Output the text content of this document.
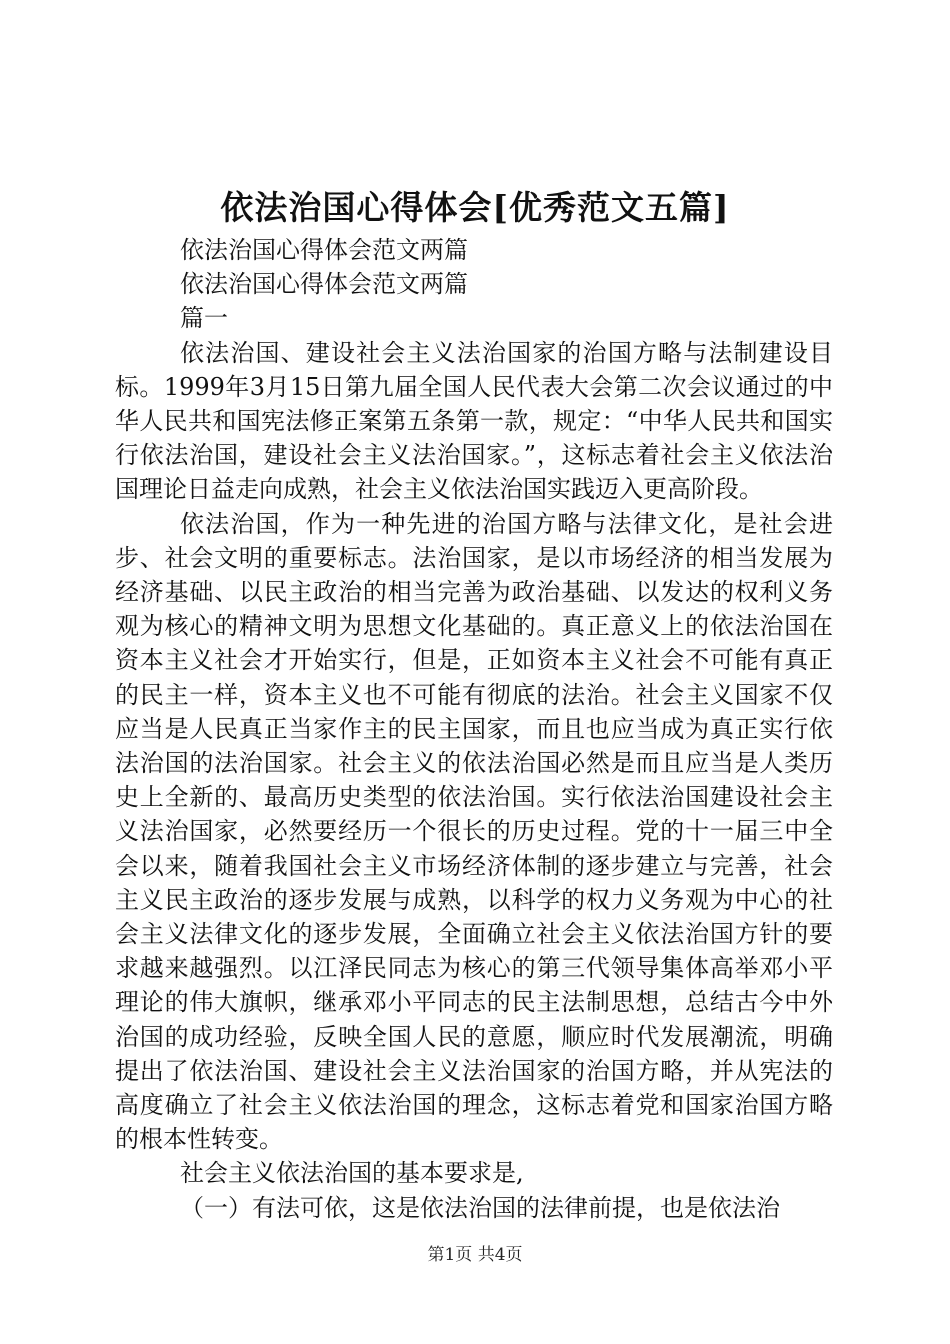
依法治国心得体会[优秀范文五篇]

依法治国心得体会范文两篇

依法治国心得体会范文两篇

篇一

依法治国、建设社会主义法治国家的治国方略与法制建设目标。1999年3月15日第九届全国人民代表大会第二次会议通过的中华人民共和国宪法修正案第五条第一款，规定：“中华人民共和国实行依法治国，建设社会主义法治国家。”，这标志着社会主义依法治国理论日益走向成熟，社会主义依法治国实践迈入更高阶段。

依法治国，作为一种先进的治国方略与法律文化，是社会进步、社会文明的重要标志。法治国家，是以市场经济的相当发展为经济基础、以民主政治的相当完善为政治基础、以发达的权利义务观为核心的精神文明为思想文化基础的。真正意义上的依法治国在资本主义社会才开始实行，但是，正如资本主义社会不可能有真正的民主一样，资本主义也不可能有彻底的法治。社会主义国家不仅应当是人民真正当家作主的民主国家，而且也应当成为真正实行依法治国的法治国家。社会主义的依法治国必然是而且应当是人类历史上全新的、最高历史类型的依法治国。实行依法治国建设社会主义法治国家，必然要经历一个很长的历史过程。党的十一届三中全会以来，随着我国社会主义市场经济体制的逐步建立与完善，社会主义民主政治的逐步发展与成熟，以科学的权力义务观为中心的社会主义法律文化的逐步发展，全面确立社会主义依法治国方针的要求越来越强烈。以江泽民同志为核心的第三代领导集体高举邓小平理论的伟大旗帜，继承邓小平同志的民主法制思想，总结古今中外治国的成功经验，反映全国人民的意愿，顺应时代发展潮流，明确提出了依法治国、建设社会主义法治国家的治国方略，并从宪法的高度确立了社会主义依法治国的理念，这标志着党和国家治国方略的根本性转变。

社会主义依法治国的基本要求是,

（一）有法可依，这是依法治国的法律前提，也是依法治

第1页 共4页
